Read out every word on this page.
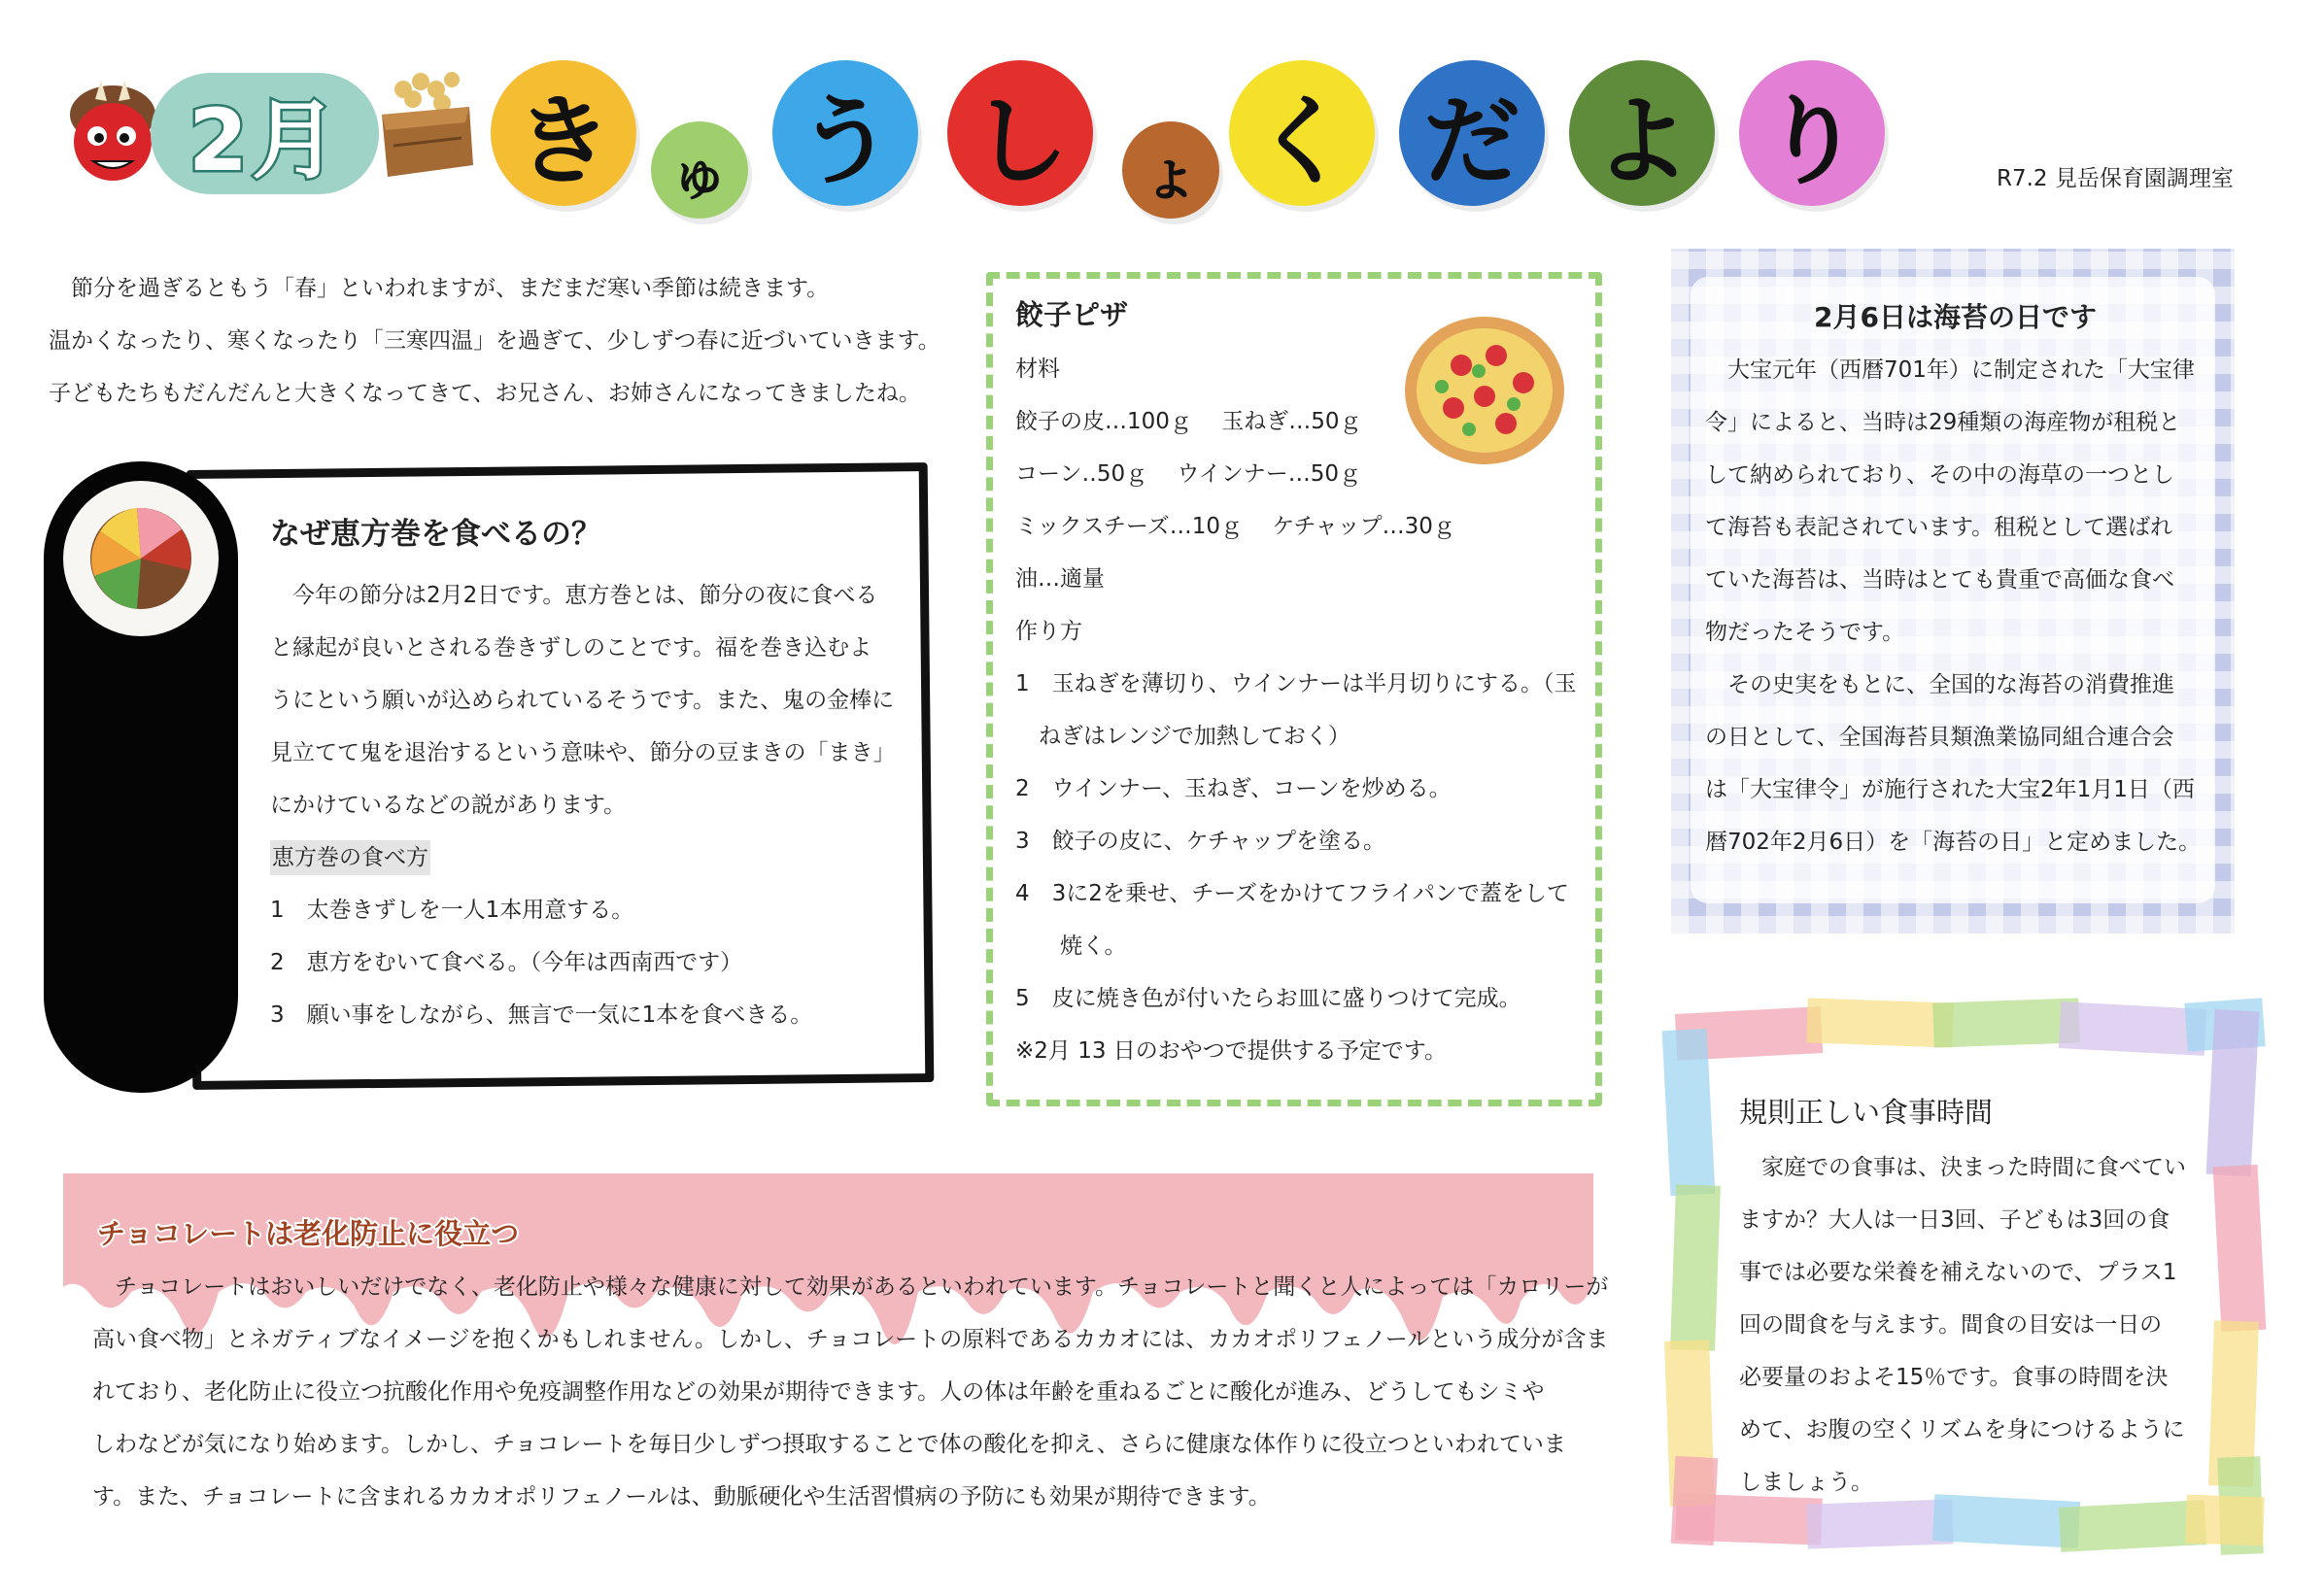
2月	き	ゅ う し	ょ く だ よ り	R7.2 見岳保育園調理室

　節分を過ぎるともう「春」といわれますが、まだまだ寒い季節は続きます。

温かくなったり、寒くなったり「三寒四温」を過ぎて、少しずつ春に近づいていきます。

子どもたちもだんだんと大きくなってきて、お兄さん、お姉さんになってきましたね。

なぜ恵方巻を食べるの？

　今年の節分は2月2日です。恵方巻とは、節分の夜に食べる

と縁起が良いとされる巻きずしのことです。福を巻き込むよ

うにという願いが込められているそうです。また、鬼の金棒に

見立てて鬼を退治するという意味や、節分の豆まきの「まき」

にかけているなどの説があります。

恵方巻の食べ方

1　太巻きずしを一人1本用意する。

2　恵方をむいて食べる。（今年は西南西です）

3　願い事をしながら、無言で一気に1本を食べきる。

餃子ピザ

材料

餃子の皮…100ｇ　 玉ねぎ…50ｇ

コーン‥50ｇ　 ウインナー…50ｇ

ミックスチーズ…10ｇ　 ケチャップ…30ｇ

油…適量

作り方

1　玉ねぎを薄切り、ウインナーは半月切りにする。（玉

ねぎはレンジで加熱しておく）

2　ウインナー、玉ねぎ、コーンを炒める。

3　餃子の皮に、ケチャップを塗る。

4　3に2を乗せ、チーズをかけてフライパンで蓋をして

焼く。

5　皮に焼き色が付いたらお皿に盛りつけて完成。

※2月 13 日のおやつで提供する予定です。

2月6日は海苔の日です

　大宝元年（西暦701年）に制定された「大宝律

令」によると、当時は29種類の海産物が租税と

して納められており、その中の海草の一つとし

て海苔も表記されています。租税として選ばれ

ていた海苔は、当時はとても貴重で高価な食べ

物だったそうです。

　その史実をもとに、全国的な海苔の消費推進

の日として、全国海苔貝類漁業協同組合連合会

は「大宝律令」が施行された大宝2年1月1日（西

暦702年2月6日）を「海苔の日」と定めました。

規則正しい食事時間

　家庭での食事は、決まった時間に食べてい

ますか？大人は一日3回、子どもは3回の食

事では必要な栄養を補えないので、プラス1

回の間食を与えます。間食の目安は一日の

必要量のおよそ15％です。食事の時間を決

めて、お腹の空くリズムを身につけるように

しましょう。

チョコレートは老化防止に役立つ

　チョコレートはおいしいだけでなく、老化防止や様々な健康に対して効果があるといわれています。チョコレートと聞くと人によっては「カロリーが

高い食べ物」とネガティブなイメージを抱くかもしれません。しかし、チョコレートの原料であるカカオには、カカオポリフェノールという成分が含ま

れており、老化防止に役立つ抗酸化作用や免疫調整作用などの効果が期待できます。人の体は年齢を重ねるごとに酸化が進み、どうしてもシミや

しわなどが気になり始めます。しかし、チョコレートを毎日少しずつ摂取することで体の酸化を抑え、さらに健康な体作りに役立つといわれていま

す。また、チョコレートに含まれるカカオポリフェノールは、動脈硬化や生活習慣病の予防にも効果が期待できます。
